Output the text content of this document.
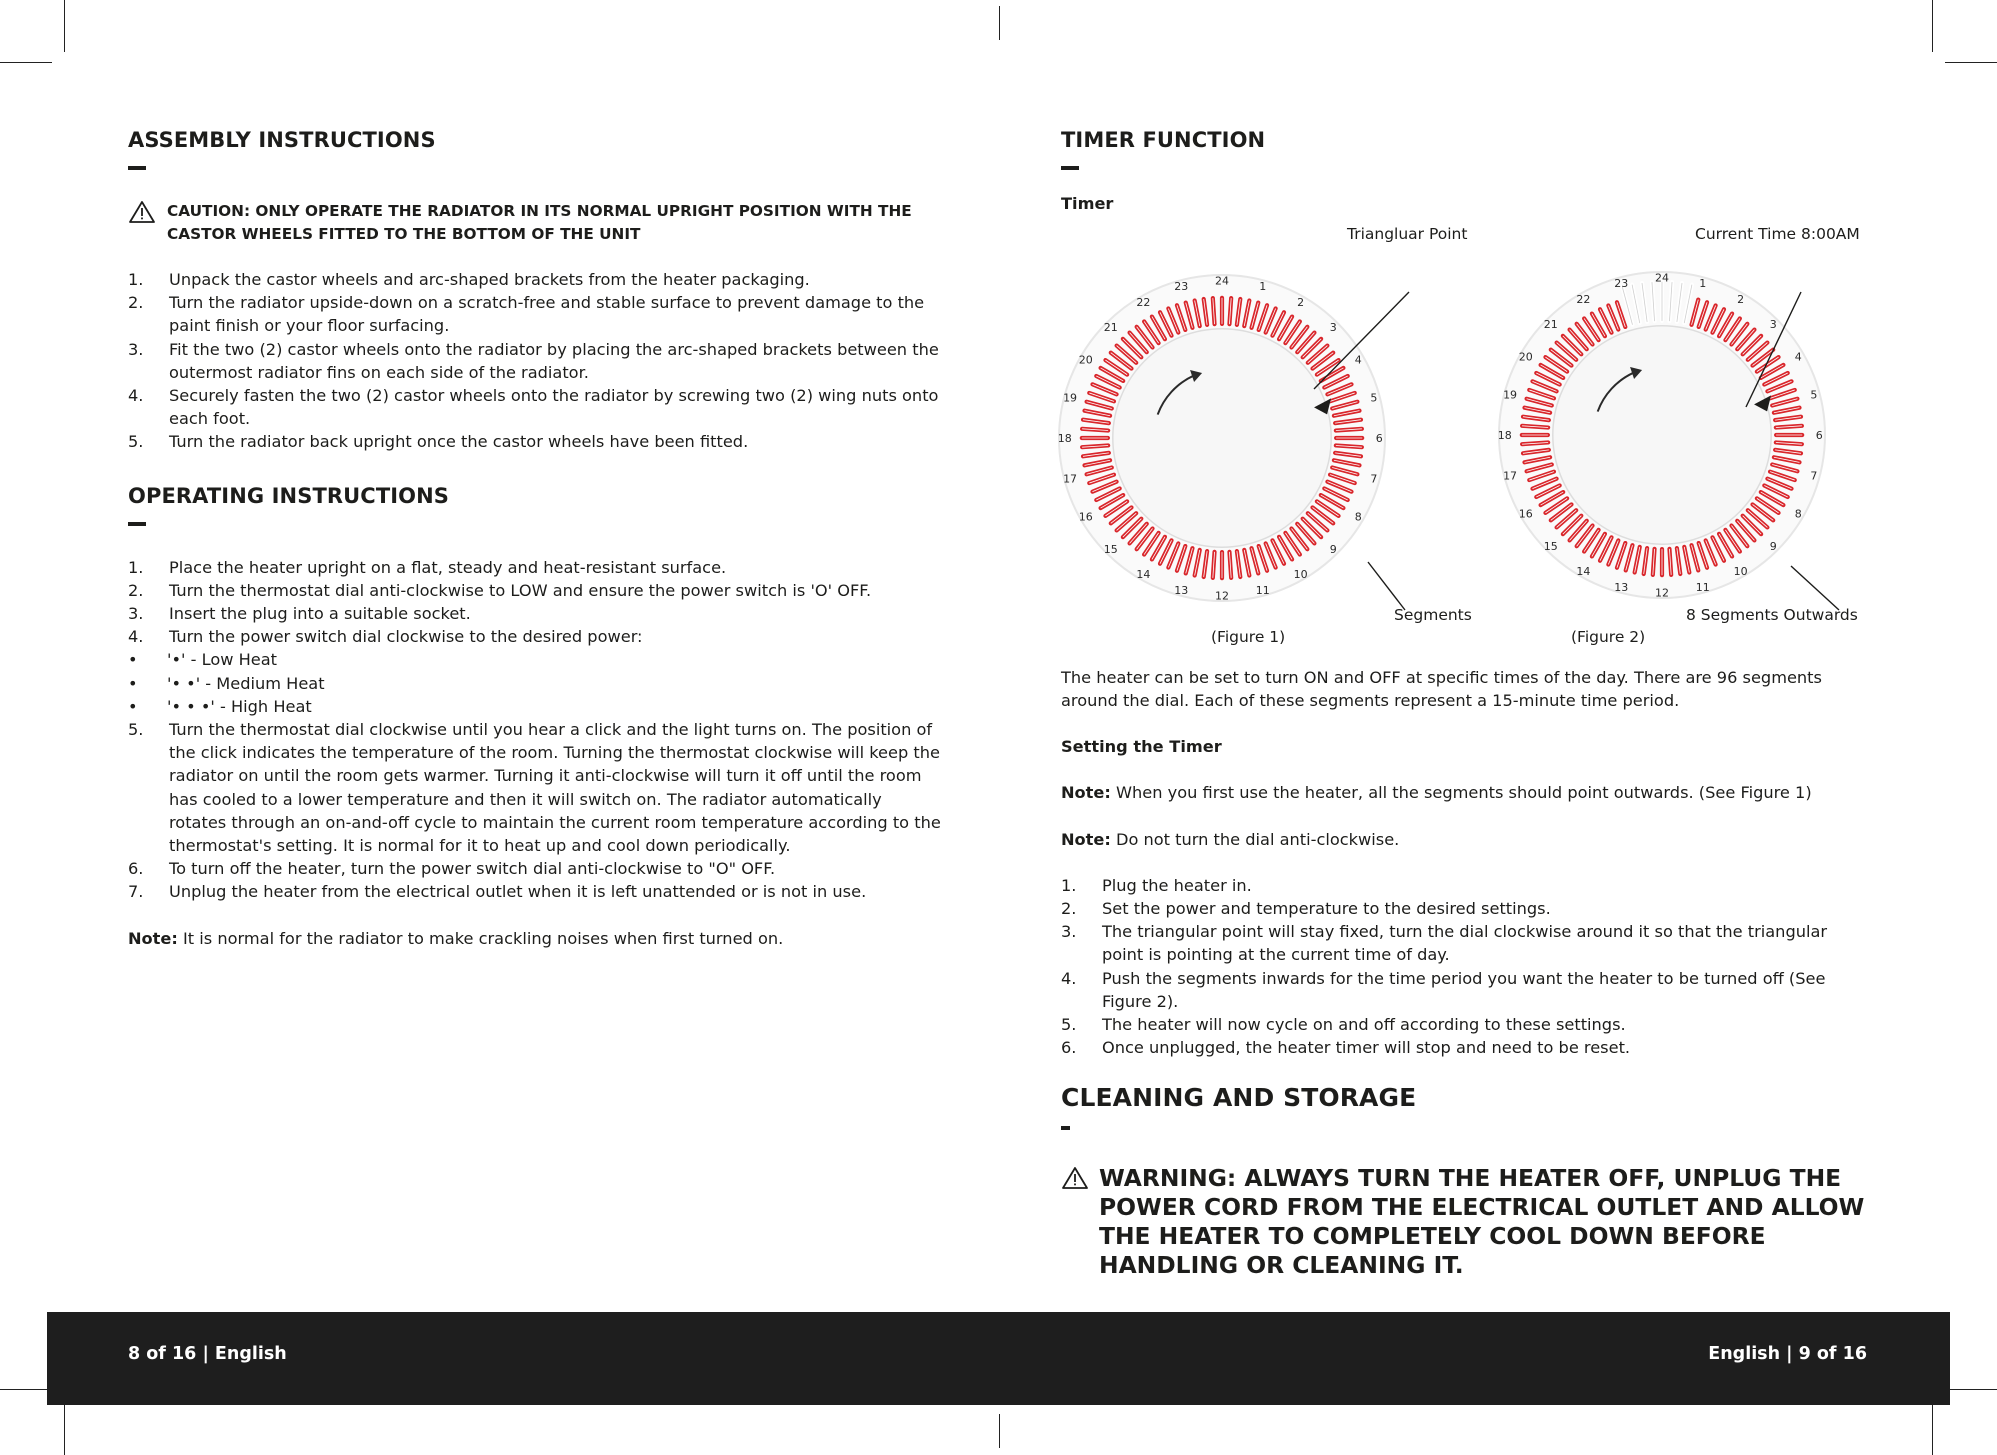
ASSEMBLY INSTRUCTIONS
CAUTION: ONLY OPERATE THE RADIATOR IN ITS NORMAL UPRIGHT POSITION WITH THE CASTOR WHEELS FITTED TO THE BOTTOM OF THE UNIT
1. Unpack the castor wheels and arc-shaped brackets from the heater packaging.
2. Turn the radiator upside-down on a scratch-free and stable surface to prevent damage to the paint finish or your floor surfacing.
3. Fit the two (2) castor wheels onto the radiator by placing the arc-shaped brackets between the outermost radiator fins on each side of the radiator.
4. Securely fasten the two (2) castor wheels onto the radiator by screwing two (2) wing nuts onto each foot.
5. Turn the radiator back upright once the castor wheels have been fitted.
OPERATING INSTRUCTIONS
1. Place the heater upright on a flat, steady and heat-resistant surface.
2. Turn the thermostat dial anti-clockwise to LOW and ensure the power switch is 'O' OFF.
3. Insert the plug into a suitable socket.
4. Turn the power switch dial clockwise to the desired power:
• '•' - Low Heat
• '• •' - Medium Heat
• '• • •' - High Heat
5. Turn the thermostat dial clockwise until you hear a click and the light turns on. The position of the click indicates the temperature of the room. Turning the thermostat clockwise will keep the radiator on until the room gets warmer. Turning it anti-clockwise will turn it off until the room has cooled to a lower temperature and then it will switch on. The radiator automatically rotates through an on-and-off cycle to maintain the current room temperature according to the thermostat's setting. It is normal for it to heat up and cool down periodically.
6. To turn off the heater, turn the power switch dial anti-clockwise to "O" OFF.
7. Unplug the heater from the electrical outlet when it is left unattended or is not in use.

Note: It is normal for the radiator to make crackling noises when first turned on.

TIMER FUNCTION
Timer
24	1
2
3
4
5
6
7
8
9
10
11
12
13
14
15
16
17
18
19
20
21
22
23
24	1
2
3
4
5
6
7
8
9
10
11
12
13
14
15
16
17
18
19
20
21
22
23
Triangluar Point
Segments
(Figure 1)
Current Time 8:00AM
8 Segments Outwards
(Figure 2)

The heater can be set to turn ON and OFF at specific times of the day. There are 96 segments around the dial. Each of these segments represent a 15-minute time period.

Setting the Timer

Note: When you first use the heater, all the segments should point outwards. (See Figure 1)

Note: Do not turn the dial anti-clockwise.

1. Plug the heater in.
2. Set the power and temperature to the desired settings.
3. The triangular point will stay fixed, turn the dial clockwise around it so that the triangular point is pointing at the current time of day.
4. Push the segments inwards for the time period you want the heater to be turned off (See Figure 2).
5. The heater will now cycle on and off according to these settings.
6. Once unplugged, the heater timer will stop and need to be reset.
CLEANING AND STORAGE
WARNING: ALWAYS TURN THE HEATER OFF, UNPLUG THE POWER CORD FROM THE ELECTRICAL OUTLET AND ALLOW THE HEATER TO COMPLETELY COOL DOWN BEFORE HANDLING OR CLEANING IT.
8 of 16 | English	English | 9 of 16
